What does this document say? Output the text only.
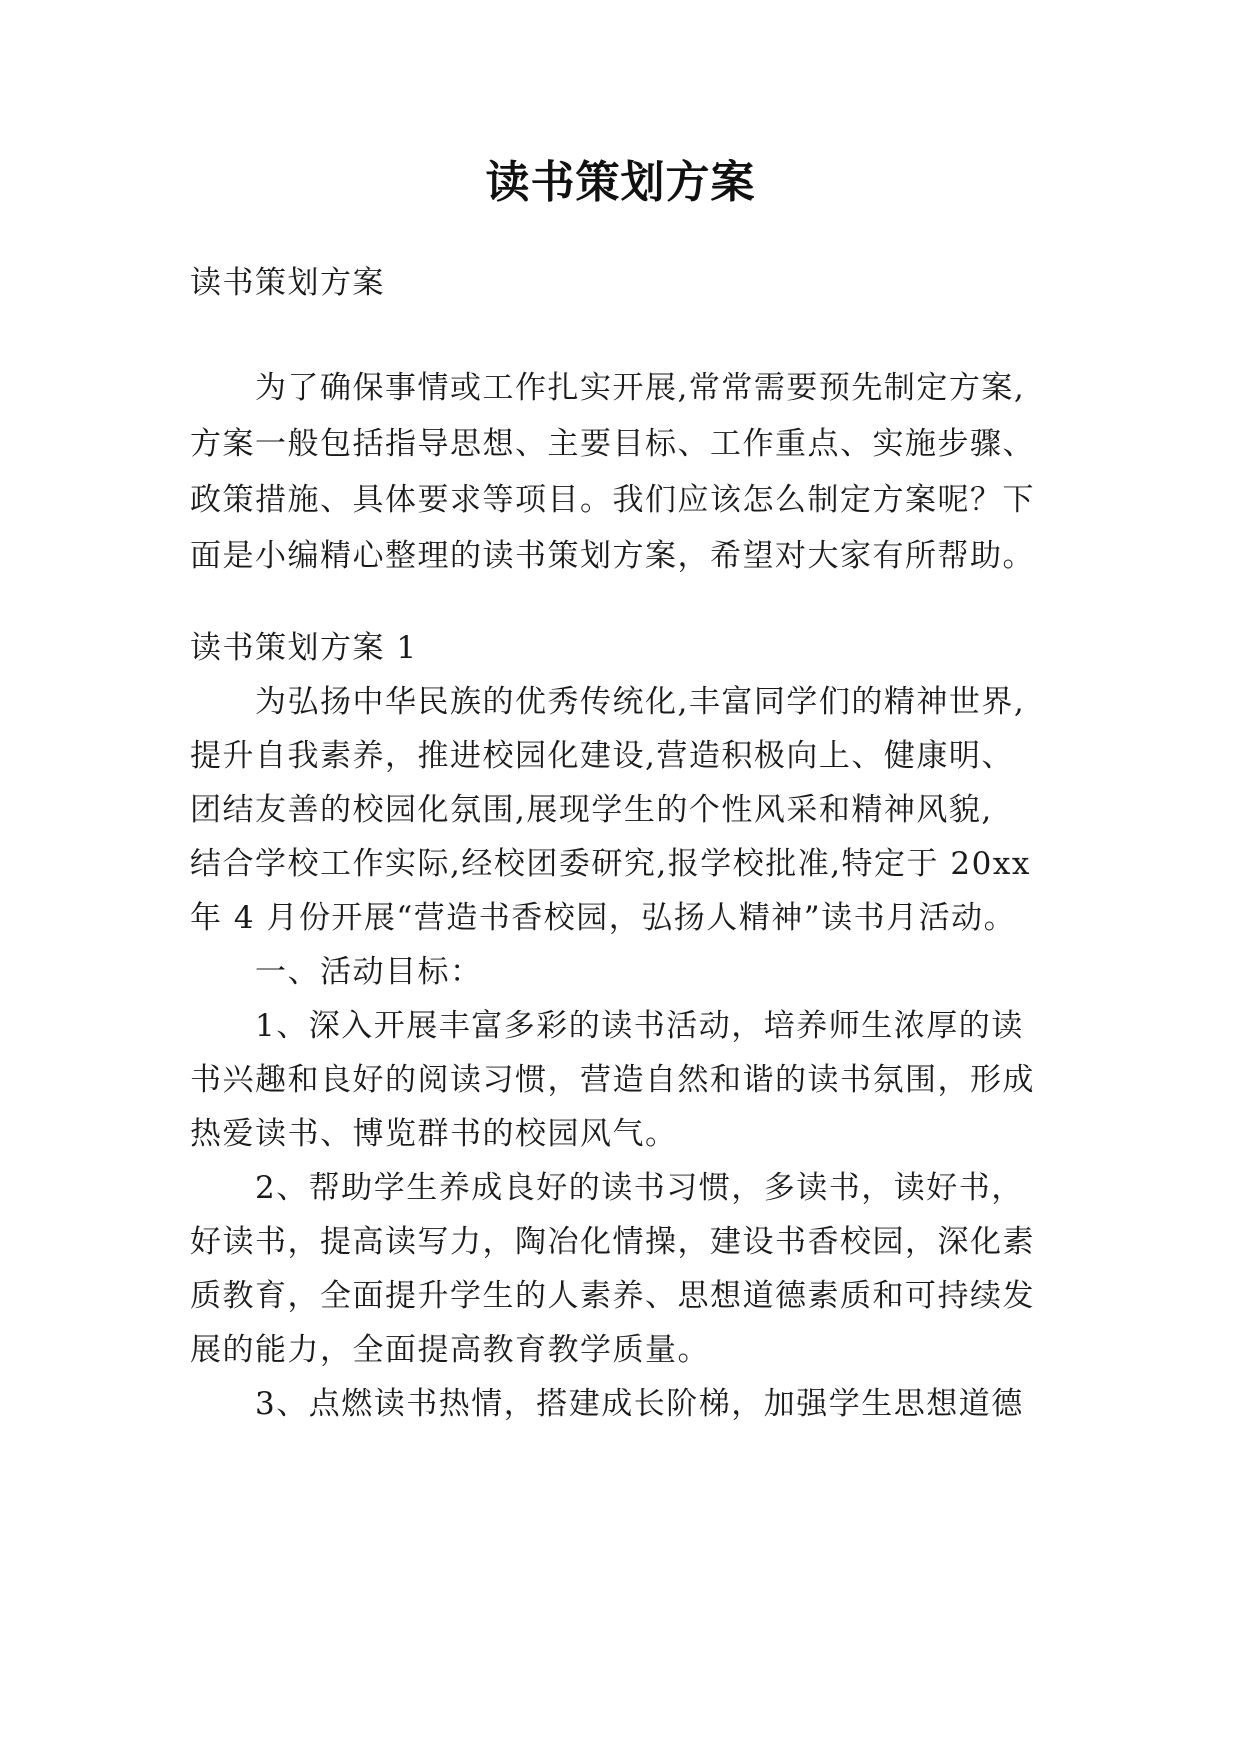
读书策划方案
读书策划方案
为了确保事情或工作扎实开展,常常需要预先制定方案,
方案一般包括指导思想、主要目标、工作重点、实施步骤、
政策措施、具体要求等项目。我们应该怎么制定方案呢？下
面是小编精心整理的读书策划方案，希望对大家有所帮助。
读书策划方案 1
为弘扬中华民族的优秀传统化,丰富同学们的精神世界,
提升自我素养，推进校园化建设,营造积极向上、健康明、
团结友善的校园化氛围,展现学生的个性风采和精神风貌,
结合学校工作实际,经校团委研究,报学校批准,特定于 20xx
年 4 月份开展“营造书香校园，弘扬人精神”读书月活动。
一、活动目标：
1、深入开展丰富多彩的读书活动，培养师生浓厚的读
书兴趣和良好的阅读习惯，营造自然和谐的读书氛围，形成
热爱读书、博览群书的校园风气。
2、帮助学生养成良好的读书习惯，多读书，读好书，
好读书，提高读写力，陶冶化情操，建设书香校园，深化素
质教育，全面提升学生的人素养、思想道德素质和可持续发
展的能力，全面提高教育教学质量。
3、点燃读书热情，搭建成长阶梯，加强学生思想道德
